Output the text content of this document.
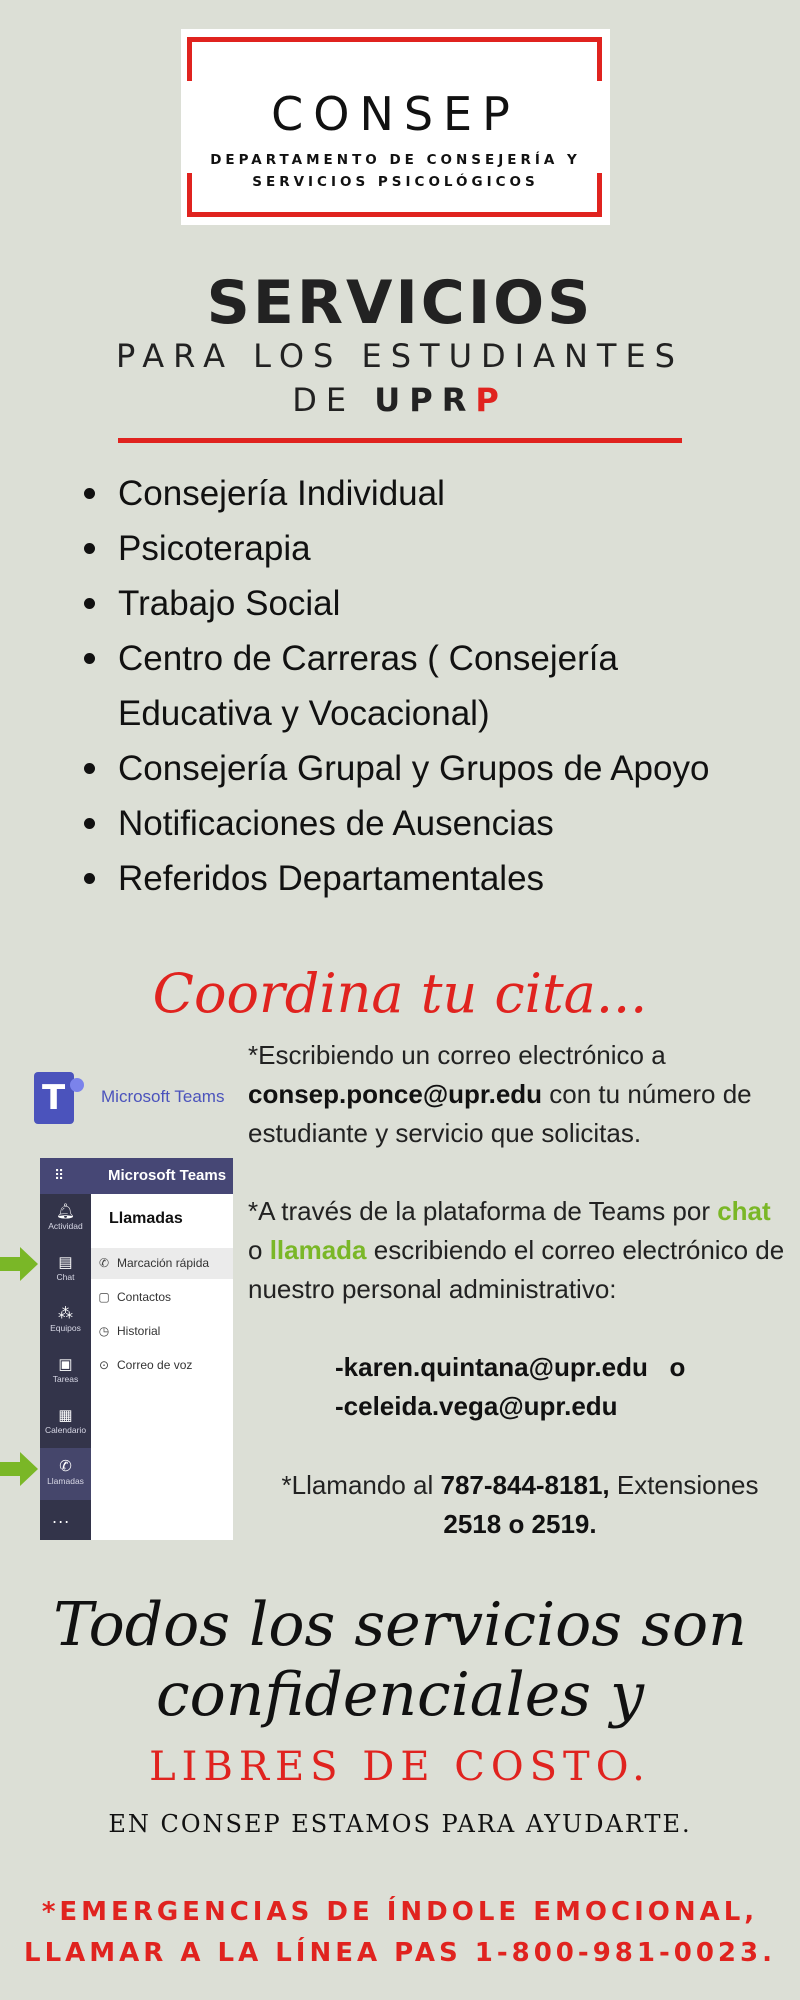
CONSEP
DEPARTAMENTO DE CONSEJERÍA Y
SERVICIOS PSICOLÓGICOS
SERVICIOS
PARA LOS ESTUDIANTES
DE UPRP
Consejería Individual
Psicoterapia
Trabajo Social
Centro de Carreras ( Consejería Educativa y Vocacional)
Consejería Grupal y Grupos de Apoyo
Notificaciones de Ausencias
Referidos Departamentales
Coordina tu cita...
T
Microsoft Teams
⠿	Microsoft Teams
🔔︎
Actividad
▤
Chat
⁂
Equipos
▣
Tareas
▦
Calendario
✆
Llamadas
...
Llamadas
✆ Marcación rápida
▢ Contactos
◷ Historial
⊙ Correo de voz
*Escribiendo un correo electrónico a
consep.ponce@upr.edu con tu número de estudiante y servicio que solicitas.
*A través de la plataforma de Teams por chat o llamada escribiendo el correo electrónico de nuestro personal administrativo:
-karen.quintana@upr.edu o
-celeida.vega@upr.edu
*Llamando al 787-844-8181, Extensiones
2518 o 2519.
Todos los servicios son
confidenciales y
LIBRES DE COSTO.
EN CONSEP ESTAMOS PARA AYUDARTE.
*EMERGENCIAS DE ÍNDOLE EMOCIONAL,
LLAMAR A LA LÍNEA PAS 1-800-981-0023.
